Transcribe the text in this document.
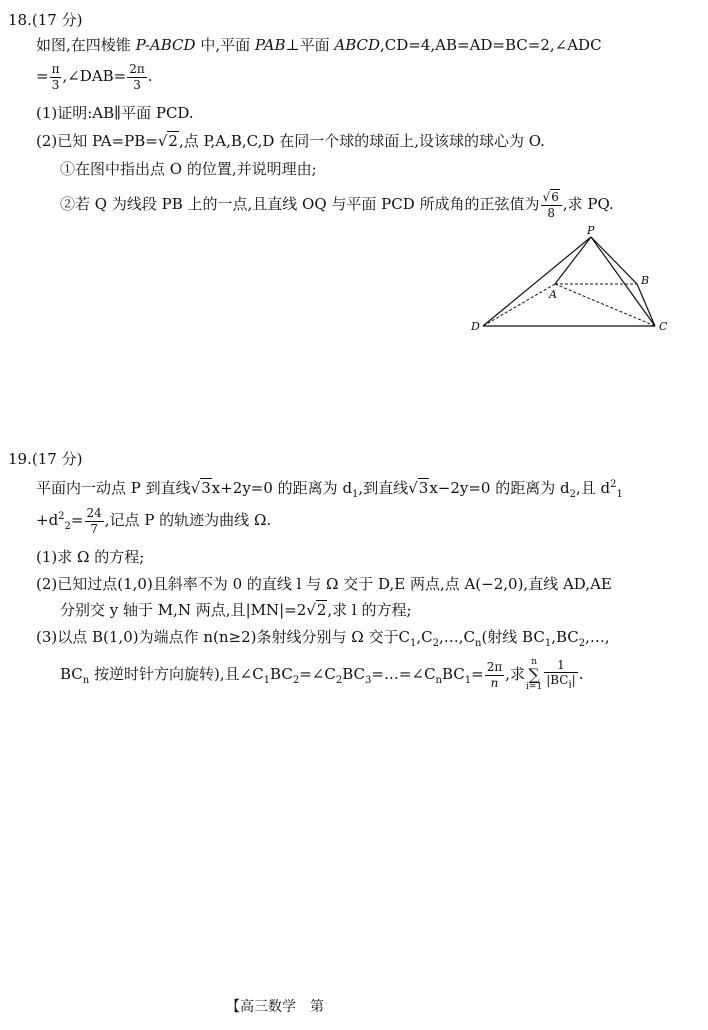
18.(17 分)
如图,在四棱锥 P-ABCD 中,平面 PAB⊥平面 ABCD,CD=4,AB=AD=BC=2,∠ADC
= $\frac{\pi}{3}$ ,∠DAB= $\frac{2\pi}{3}$ .
(1)证明:AB∥平面 PCD.
(2)已知 PA=PB=√2,点 P,A,B,C,D 在同一个球的球面上,设该球的球心为 O.
①在图中指出点 O 的位置,并说明理由;
②若 Q 为线段 PB 上的一点,且直线 OQ 与平面 PCD 所成角的正弦值为 $\frac{√6}{8}$ ,求 PQ.
P
A
B
C
D
19.(17 分)
平面内一动点 P 到直线√3x+2y=0 的距离为 $d_1$,到直线√3x−2y=0 的距离为 $d_2$,且 $d^2_1$
$+d^2_2= \frac{24}{7}$ ,记点 P 的轨迹为曲线 Ω.
(1)求 Ω 的方程;
(2)已知过点(1,0)且斜率不为 0 的直线 l 与 Ω 交于 D,E 两点,点 A(−2,0),直线 AD,AE
分别交 y 轴于 M,N 两点,且|MN|=2√2,求 l 的方程;
(3)以点 B(1,0)为端点作 n(n≥2)条射线分别与 Ω 交于$C_1,C_2,\dots,C_n$(射线 $BC_1,BC_2,\dots$,
$BC_n$ 按逆时针方向旋转),且$\angle C_1BC_2=\angle C_2BC_3=\dots=\angle C_nBC_1= \frac{2\pi}{n}$ ,求n
∑
$i=1 \frac{1}{|BC_i|}$ .
【高三数学　第
